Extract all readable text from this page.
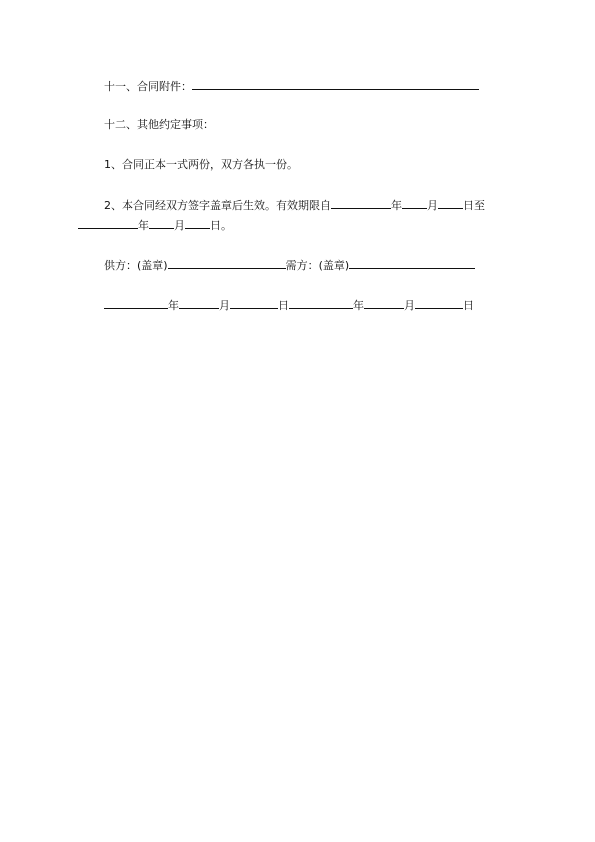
十一、合同附件：
十二、其他约定事项：
1、合同正本一式两份，双方各执一份。
2、本合同经双方签字盖章后生效。有效期限自	年 月 日至
年 月 日。
供方：(盖章)	需方：(盖章)
年	月	日	年	月	日
